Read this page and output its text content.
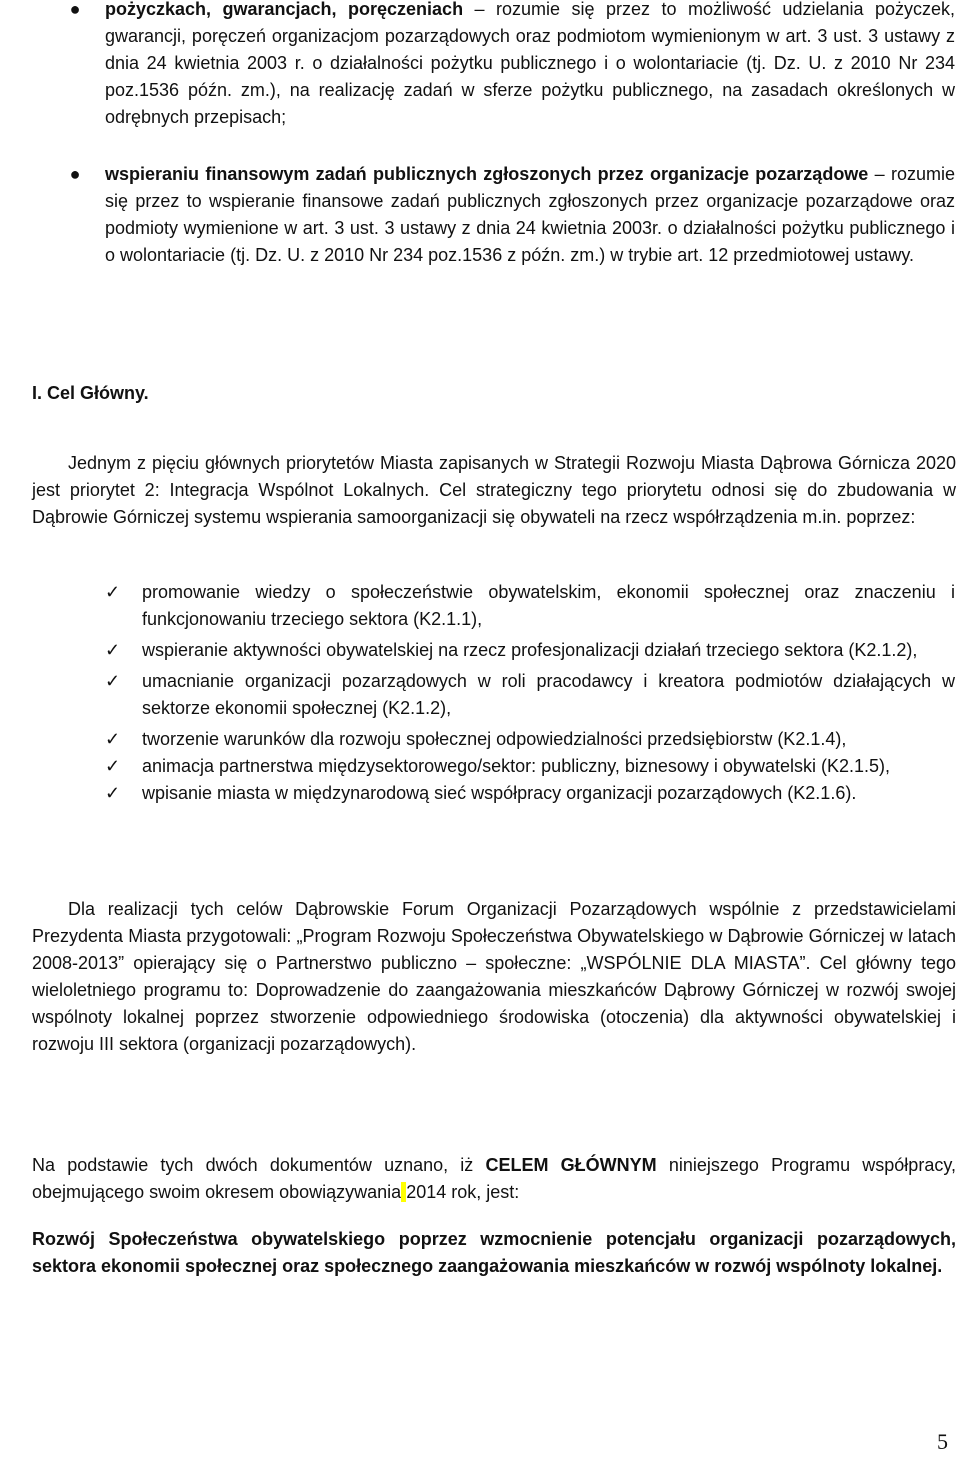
● pożyczkach, gwarancjach, poręczeniach – rozumie się przez to możliwość udzielania pożyczek, gwarancji, poręczeń organizacjom pozarządowych oraz podmiotom wymienionym w art. 3 ust. 3 ustawy z dnia 24 kwietnia 2003 r. o działalności pożytku publicznego i o wolontariacie (tj. Dz. U. z 2010 Nr 234 poz.1536 późn. zm.), na realizację zadań w sferze pożytku publicznego, na zasadach określonych w odrębnych przepisach;
● wspieraniu finansowym zadań publicznych zgłoszonych przez organizacje pozarządowe – rozumie się przez to wspieranie finansowe zadań publicznych zgłoszonych przez organizacje pozarządowe oraz podmioty wymienione w art. 3 ust. 3 ustawy z dnia 24 kwietnia 2003r. o działalności pożytku publicznego i o wolontariacie (tj. Dz. U. z 2010 Nr 234 poz.1536 z późn. zm.) w trybie art. 12 przedmiotowej ustawy.
I. Cel Główny.
Jednym z pięciu głównych priorytetów Miasta zapisanych w Strategii Rozwoju Miasta Dąbrowa Górnicza 2020 jest priorytet 2: Integracja Wspólnot Lokalnych. Cel strategiczny tego priorytetu odnosi się do zbudowania w Dąbrowie Górniczej systemu wspierania samoorganizacji się obywateli na rzecz współrządzenia m.in. poprzez:
✓	promowanie wiedzy o społeczeństwie obywatelskim, ekonomii społecznej oraz znaczeniu i funkcjonowaniu trzeciego sektora (K2.1.1),
✓	wspieranie aktywności obywatelskiej na rzecz profesjonalizacji działań trzeciego sektora (K2.1.2),
✓	umacnianie organizacji pozarządowych w roli pracodawcy i kreatora podmiotów działających w sektorze ekonomii społecznej (K2.1.2),
✓	tworzenie warunków dla rozwoju społecznej odpowiedzialności przedsiębiorstw (K2.1.4),
✓	animacja partnerstwa międzysektorowego/sektor: publiczny, biznesowy i obywatelski (K2.1.5),
✓	wpisanie miasta w międzynarodową sieć współpracy organizacji pozarządowych (K2.1.6).
Dla realizacji tych celów Dąbrowskie Forum Organizacji Pozarządowych wspólnie z przedstawicielami Prezydenta Miasta przygotowali: „Program Rozwoju Społeczeństwa Obywatelskiego w Dąbrowie Górniczej w latach 2008-2013” opierający się o Partnerstwo publiczno – społeczne: „WSPÓLNIE DLA MIASTA”. Cel główny tego wieloletniego programu to: Doprowadzenie do zaangażowania mieszkańców Dąbrowy Górniczej w rozwój swojej wspólnoty lokalnej poprzez stworzenie odpowiedniego środowiska (otoczenia) dla aktywności obywatelskiej i rozwoju III sektora (organizacji pozarządowych).
Na podstawie tych dwóch dokumentów uznano, iż CELEM GŁÓWNYM niniejszego Programu współpracy, obejmującego swoim okresem obowiązywania 2014 rok, jest:
Rozwój Społeczeństwa obywatelskiego poprzez wzmocnienie potencjału organizacji pozarządowych, sektora ekonomii społecznej oraz społecznego zaangażowania mieszkańców w rozwój wspólnoty lokalnej.
5
